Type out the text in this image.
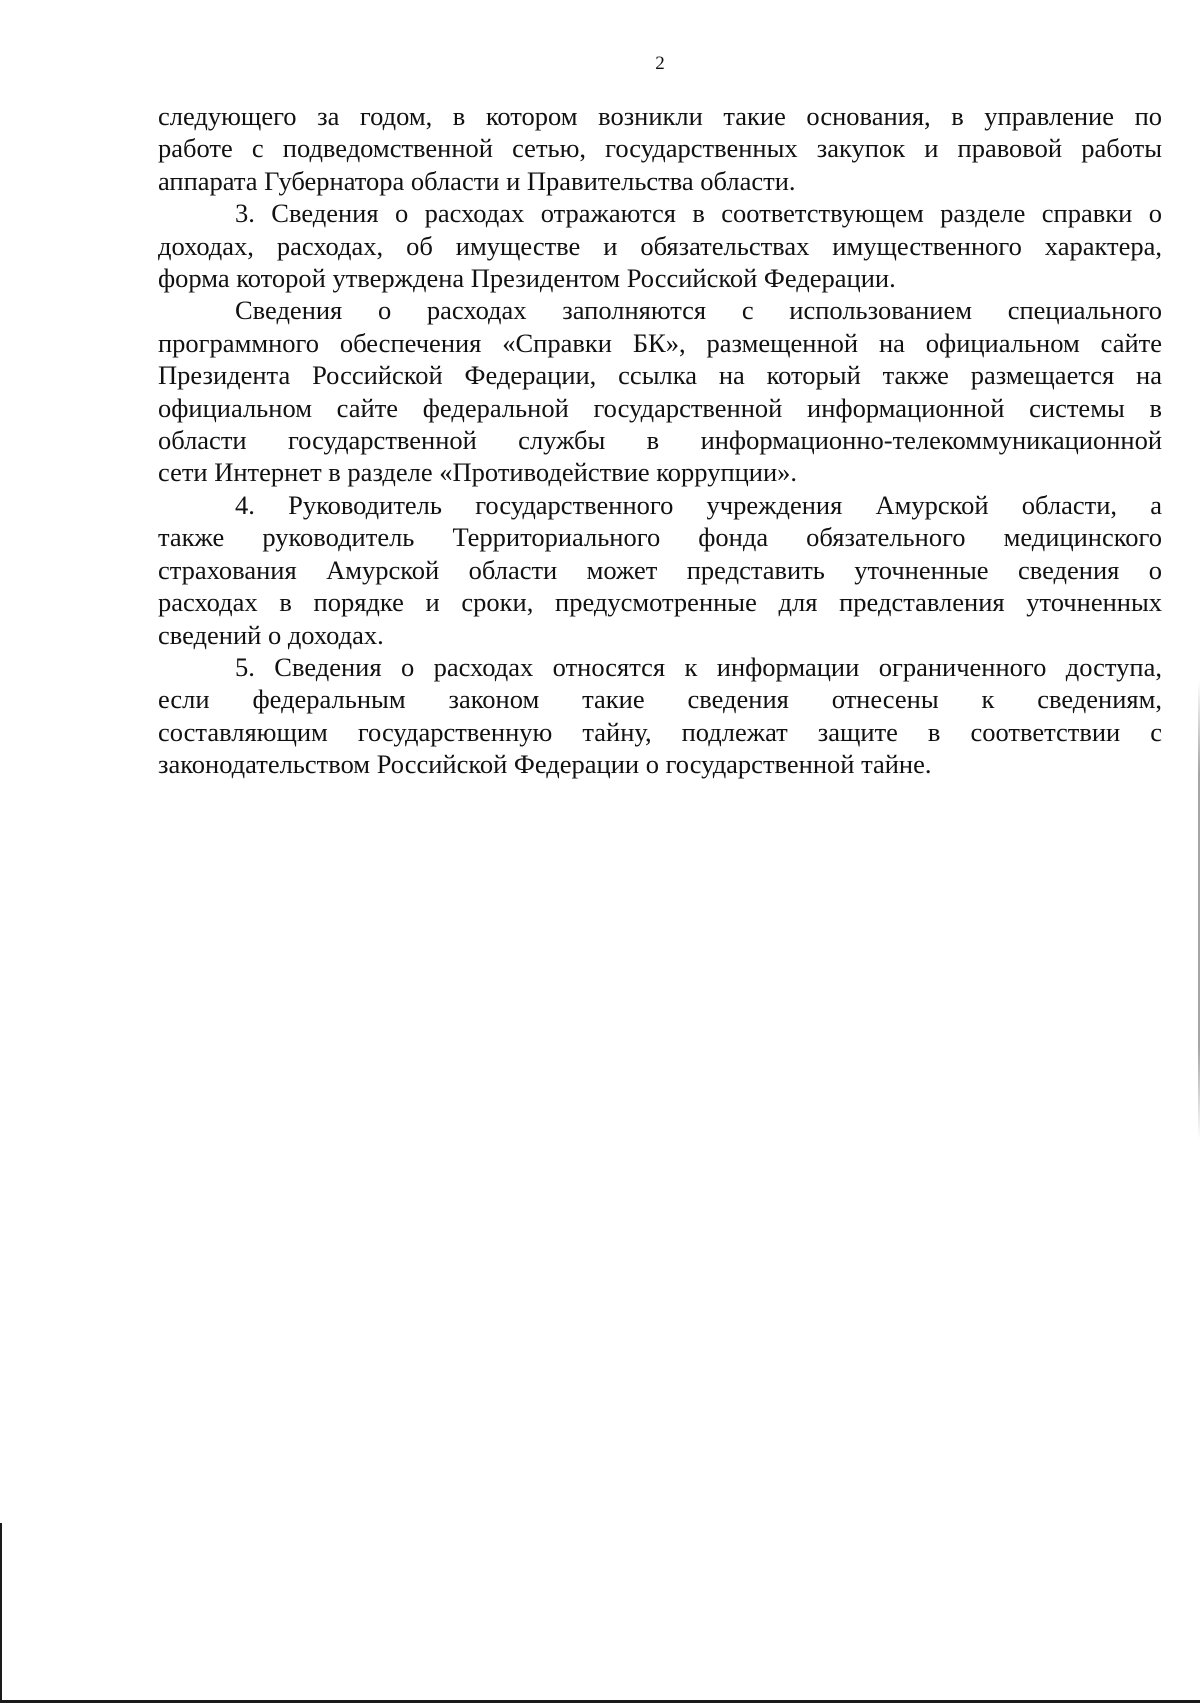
2

следующего за годом, в котором возникли такие основания, в управление по
работе с подведомственной сетью, государственных закупок и правовой работы
аппарата Губернатора области и Правительства области.

3. Сведения о расходах отражаются в соответствующем разделе справки о
доходах, расходах, об имуществе и обязательствах имущественного характера,
форма которой утверждена Президентом Российской Федерации.

Сведения о расходах заполняются с использованием специального
программного обеспечения «Справки БК», размещенной на официальном сайте
Президента Российской Федерации, ссылка на который также размещается на
официальном сайте федеральной государственной информационной системы в
области государственной службы в информационно-телекоммуникационной
сети Интернет в разделе «Противодействие коррупции».

4. Руководитель государственного учреждения Амурской области, а
также руководитель Территориального фонда обязательного медицинского
страхования Амурской области может представить уточненные сведения о
расходах в порядке и сроки, предусмотренные для представления уточненных
сведений о доходах.

5. Сведения о расходах относятся к информации ограниченного доступа,
если федеральным законом такие сведения отнесены к сведениям,
составляющим государственную тайну, подлежат защите в соответствии с
законодательством Российской Федерации о государственной тайне.
